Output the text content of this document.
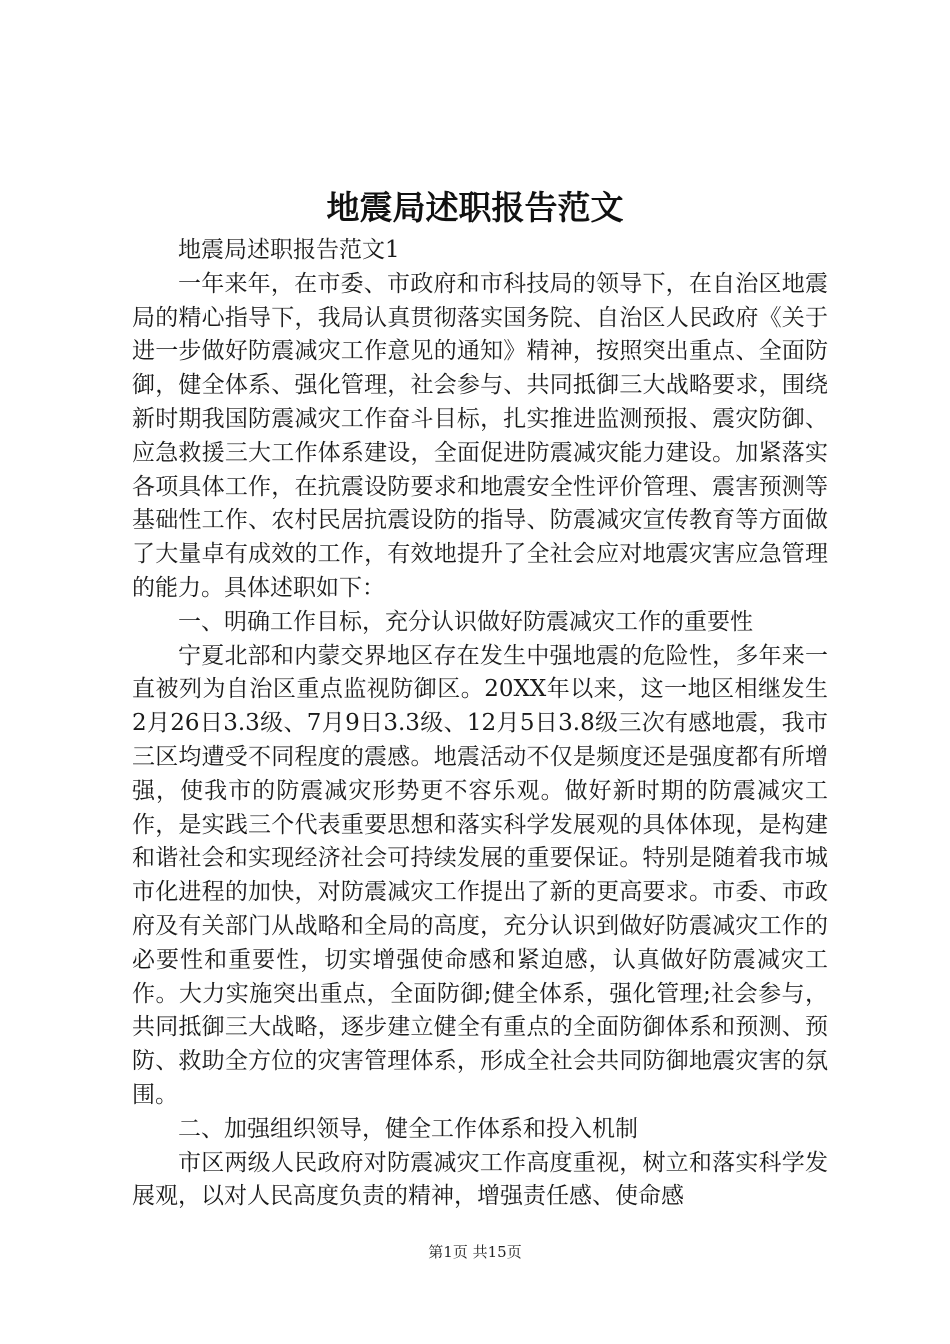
地震局述职报告范文

地震局述职报告范文1

一年来年，在市委、市政府和市科技局的领导下，在自治区地震局的精心指导下，我局认真贯彻落实国务院、自治区人民政府《关于进一步做好防震减灾工作意见的通知》精神，按照突出重点、全面防御，健全体系、强化管理，社会参与、共同抵御三大战略要求，围绕新时期我国防震减灾工作奋斗目标，扎实推进监测预报、震灾防御、应急救援三大工作体系建设，全面促进防震减灾能力建设。加紧落实各项具体工作，在抗震设防要求和地震安全性评价管理、震害预测等基础性工作、农村民居抗震设防的指导、防震减灾宣传教育等方面做了大量卓有成效的工作，有效地提升了全社会应对地震灾害应急管理的能力。具体述职如下：

一、明确工作目标，充分认识做好防震减灾工作的重要性

宁夏北部和内蒙交界地区存在发生中强地震的危险性，多年来一直被列为自治区重点监视防御区。20XX年以来，这一地区相继发生2月26日3.3级、7月9日3.3级、12月5日3.8级三次有感地震，我市三区均遭受不同程度的震感。地震活动不仅是频度还是强度都有所增强，使我市的防震减灾形势更不容乐观。做好新时期的防震减灾工作，是实践三个代表重要思想和落实科学发展观的具体体现，是构建和谐社会和实现经济社会可持续发展的重要保证。特别是随着我市城市化进程的加快，对防震减灾工作提出了新的更高要求。市委、市政府及有关部门从战略和全局的高度，充分认识到做好防震减灾工作的必要性和重要性，切实增强使命感和紧迫感，认真做好防震减灾工作。大力实施突出重点，全面防御;健全体系，强化管理;社会参与，共同抵御三大战略，逐步建立健全有重点的全面防御体系和预测、预防、救助全方位的灾害管理体系，形成全社会共同防御地震灾害的氛围。

二、加强组织领导，健全工作体系和投入机制

市区两级人民政府对防震减灾工作高度重视，树立和落实科学发展观，以对人民高度负责的精神，增强责任感、使命感

第1页 共15页
